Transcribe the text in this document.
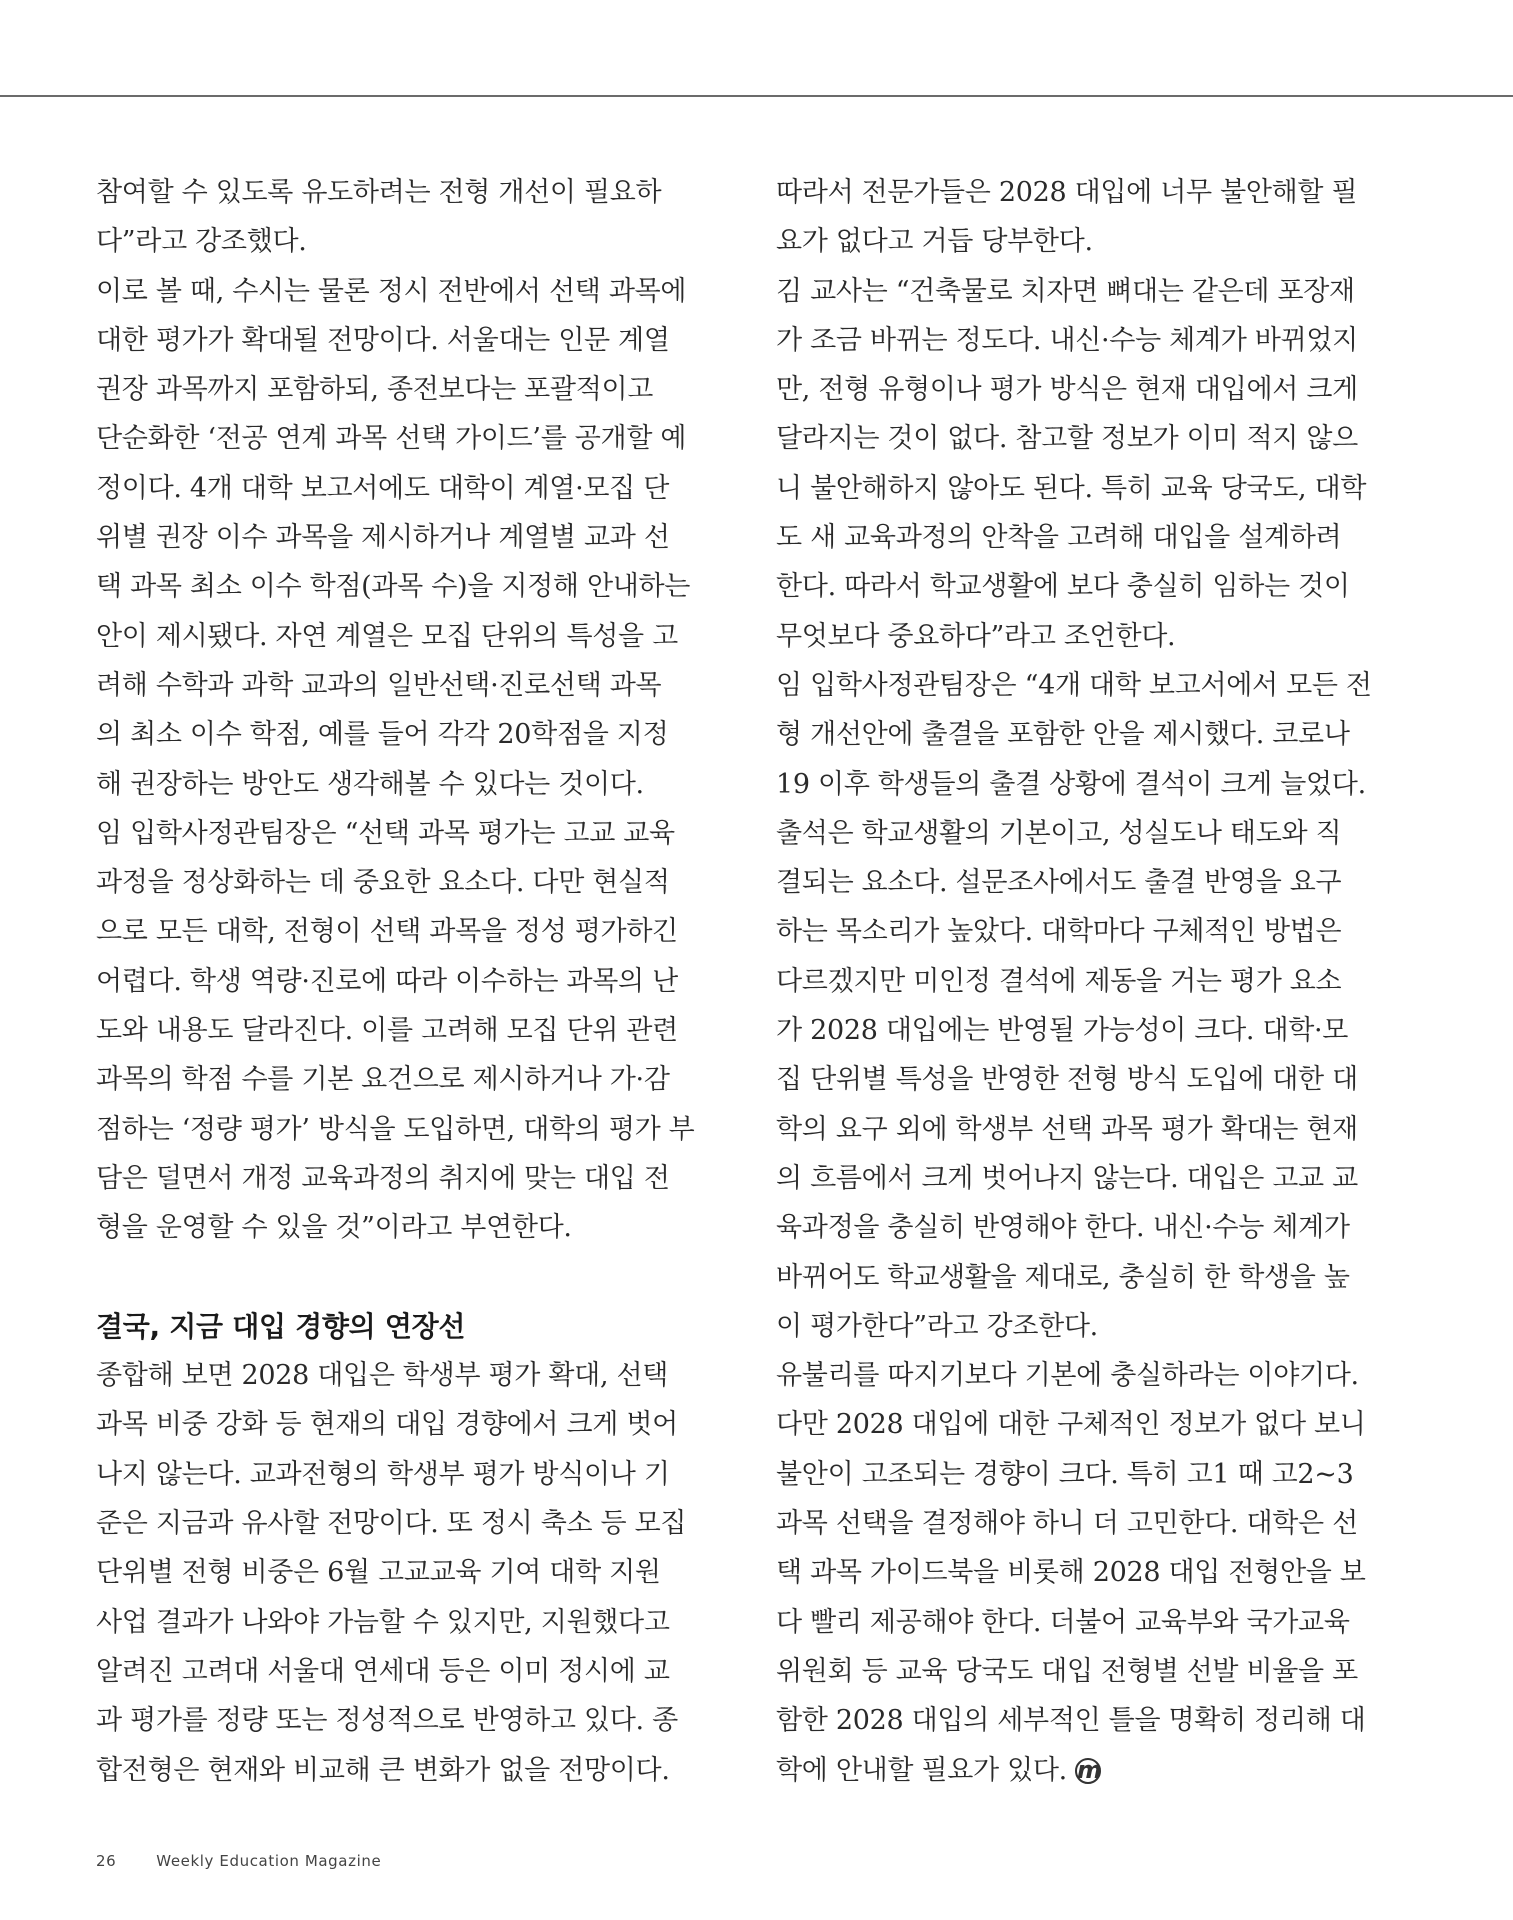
참여할 수 있도록 유도하려는 전형 개선이 필요하
다”라고 강조했다.
이로 볼 때, 수시는 물론 정시 전반에서 선택 과목에
대한 평가가 확대될 전망이다. 서울대는 인문 계열
권장 과목까지 포함하되, 종전보다는 포괄적이고
단순화한 ‘전공 연계 과목 선택 가이드’를 공개할 예
정이다. 4개 대학 보고서에도 대학이 계열·모집 단
위별 권장 이수 과목을 제시하거나 계열별 교과 선
택 과목 최소 이수 학점(과목 수)을 지정해 안내하는
안이 제시됐다. 자연 계열은 모집 단위의 특성을 고
려해 수학과 과학 교과의 일반선택·진로선택 과목
의 최소 이수 학점, 예를 들어 각각 20학점을 지정
해 권장하는 방안도 생각해볼 수 있다는 것이다.
임 입학사정관팀장은 “선택 과목 평가는 고교 교육
과정을 정상화하는 데 중요한 요소다. 다만 현실적
으로 모든 대학, 전형이 선택 과목을 정성 평가하긴
어렵다. 학생 역량·진로에 따라 이수하는 과목의 난
도와 내용도 달라진다. 이를 고려해 모집 단위 관련
과목의 학점 수를 기본 요건으로 제시하거나 가·감
점하는 ‘정량 평가’ 방식을 도입하면, 대학의 평가 부
담은 덜면서 개정 교육과정의 취지에 맞는 대입 전
형을 운영할 수 있을 것”이라고 부연한다.
결국, 지금 대입 경향의 연장선
종합해 보면 2028 대입은 학생부 평가 확대, 선택
과목 비중 강화 등 현재의 대입 경향에서 크게 벗어
나지 않는다. 교과전형의 학생부 평가 방식이나 기
준은 지금과 유사할 전망이다. 또 정시 축소 등 모집
단위별 전형 비중은 6월 고교교육 기여 대학 지원
사업 결과가 나와야 가늠할 수 있지만, 지원했다고
알려진 고려대 서울대 연세대 등은 이미 정시에 교
과 평가를 정량 또는 정성적으로 반영하고 있다. 종
합전형은 현재와 비교해 큰 변화가 없을 전망이다.
따라서 전문가들은 2028 대입에 너무 불안해할 필
요가 없다고 거듭 당부한다.
김 교사는 “건축물로 치자면 뼈대는 같은데 포장재
가 조금 바뀌는 정도다. 내신·수능 체계가 바뀌었지
만, 전형 유형이나 평가 방식은 현재 대입에서 크게
달라지는 것이 없다. 참고할 정보가 이미 적지 않으
니 불안해하지 않아도 된다. 특히 교육 당국도, 대학
도 새 교육과정의 안착을 고려해 대입을 설계하려
한다. 따라서 학교생활에 보다 충실히 임하는 것이
무엇보다 중요하다”라고 조언한다.
임 입학사정관팀장은 “4개 대학 보고서에서 모든 전
형 개선안에 출결을 포함한 안을 제시했다. 코로나
19 이후 학생들의 출결 상황에 결석이 크게 늘었다.
출석은 학교생활의 기본이고, 성실도나 태도와 직
결되는 요소다. 설문조사에서도 출결 반영을 요구
하는 목소리가 높았다. 대학마다 구체적인 방법은
다르겠지만 미인정 결석에 제동을 거는 평가 요소
가 2028 대입에는 반영될 가능성이 크다. 대학·모
집 단위별 특성을 반영한 전형 방식 도입에 대한 대
학의 요구 외에 학생부 선택 과목 평가 확대는 현재
의 흐름에서 크게 벗어나지 않는다. 대입은 고교 교
육과정을 충실히 반영해야 한다. 내신·수능 체계가
바뀌어도 학교생활을 제대로, 충실히 한 학생을 높
이 평가한다”라고 강조한다.
유불리를 따지기보다 기본에 충실하라는 이야기다.
다만 2028 대입에 대한 구체적인 정보가 없다 보니
불안이 고조되는 경향이 크다. 특히 고1 때 고2~3
과목 선택을 결정해야 하니 더 고민한다. 대학은 선
택 과목 가이드북을 비롯해 2028 대입 전형안을 보
다 빨리 제공해야 한다. 더불어 교육부와 국가교육
위원회 등 교육 당국도 대입 전형별 선발 비율을 포
함한 2028 대입의 세부적인 틀을 명확히 정리해 대
학에 안내할 필요가 있다. m
26	Weekly Education Magazine
